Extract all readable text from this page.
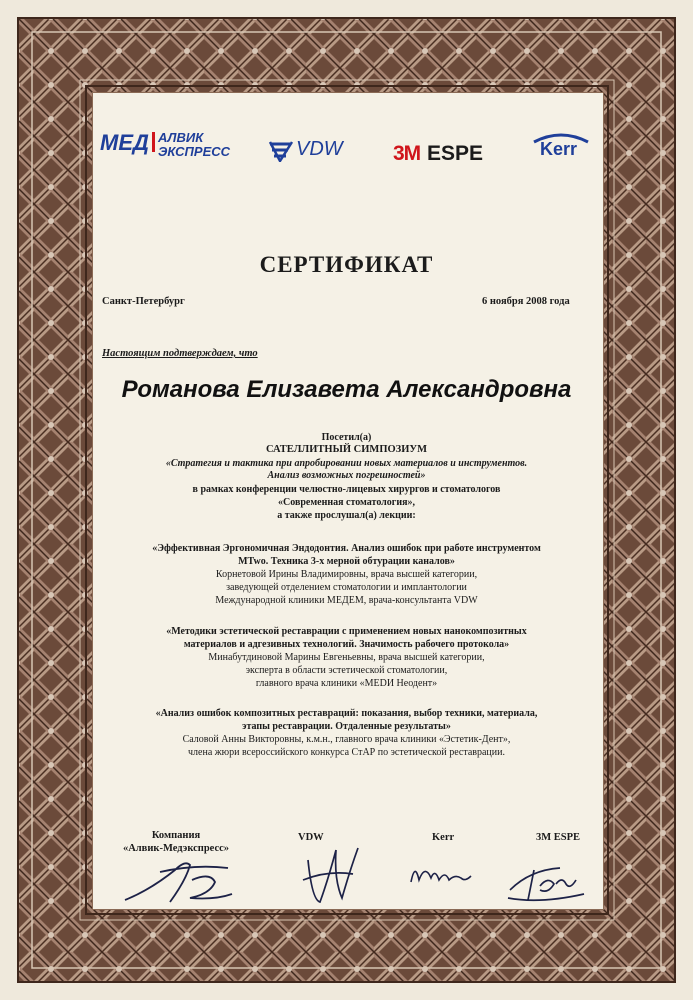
МЕД АЛВИК
ЭКСПРЕСС	VDW 3M ESPE	Kerr
СЕРТИФИКАТ
Санкт-Петербург	6 ноября 2008 года
Настоящим подтверждаем, что
Романова Елизавета Александровна
Посетил(а)
САТЕЛЛИТНЫЙ СИМПОЗИУМ
«Стратегия и тактика при апробировании новых материалов и инструментов.
Анализ возможных погрешностей»
в рамках конференции челюстно-лицевых хирургов и стоматологов
«Современная стоматология»,
а также прослушал(а) лекции:
«Эффективная Эргономичная Эндодонтия. Анализ ошибок при работе инструментом
MTwo. Техника 3-х мерной обтурации каналов»
Корнетовой Ирины Владимировны, врача высшей категории,
заведующей отделением стоматологии и имплантологии
Международной клиники МЕДЕМ, врача-консультанта VDW
«Методики эстетической реставрации с применением новых нанокомпозитных
материалов и адгезивных технологий. Значимость рабочего протокола»
Минабутдиновой Марины Евгеньевны, врача высшей категории,
эксперта в области эстетической стоматологии,
главного врача клиники «MEDИ Неодент»
«Анализ ошибок композитных реставраций: показания, выбор техники, материала,
этапы реставрации. Отдаленные результаты»
Саловой Анны Викторовны, к.м.н., главного врача клиники «Эстетик-Дент»,
члена жюри всероссийского конкурса СтАР по эстетической реставрации.
Компания
«Алвик-Медэкспресс»
VDW	Kerr	3M ESPE
